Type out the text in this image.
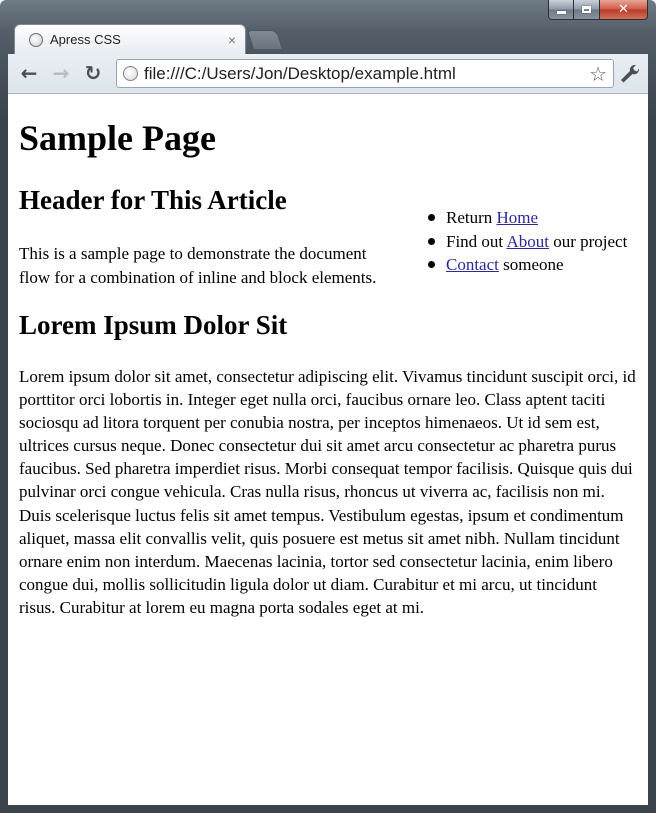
✕
Apress CSS	×
← → ↻	file:///C:/Users/Jon/Desktop/example.html	☆
Sample Page
Return Home
Find out About our project
Contact someone
Header for This Article

This is a sample page to demonstrate the document flow for a combination of inline and block elements.

Lorem Ipsum Dolor Sit

Lorem ipsum dolor sit amet, consectetur adipiscing elit. Vivamus tincidunt suscipit orci, id porttitor orci lobortis in. Integer eget nulla orci, faucibus ornare leo. Class aptent taciti sociosqu ad litora torquent per conubia nostra, per inceptos himenaeos. Ut id sem est, ultrices cursus neque. Donec consectetur dui sit amet arcu consectetur ac pharetra purus faucibus. Sed pharetra imperdiet risus. Morbi consequat tempor facilisis. Quisque quis dui pulvinar orci congue vehicula. Cras nulla risus, rhoncus ut viverra ac, facilisis non mi. Duis scelerisque luctus felis sit amet tempus. Vestibulum egestas, ipsum et condimentum aliquet, massa elit convallis velit, quis posuere est metus sit amet nibh. Nullam tincidunt ornare enim non interdum. Maecenas lacinia, tortor sed consectetur lacinia, enim libero congue dui, mollis sollicitudin ligula dolor ut diam. Curabitur et mi arcu, ut tincidunt risus. Curabitur at lorem eu magna porta sodales eget at mi.
